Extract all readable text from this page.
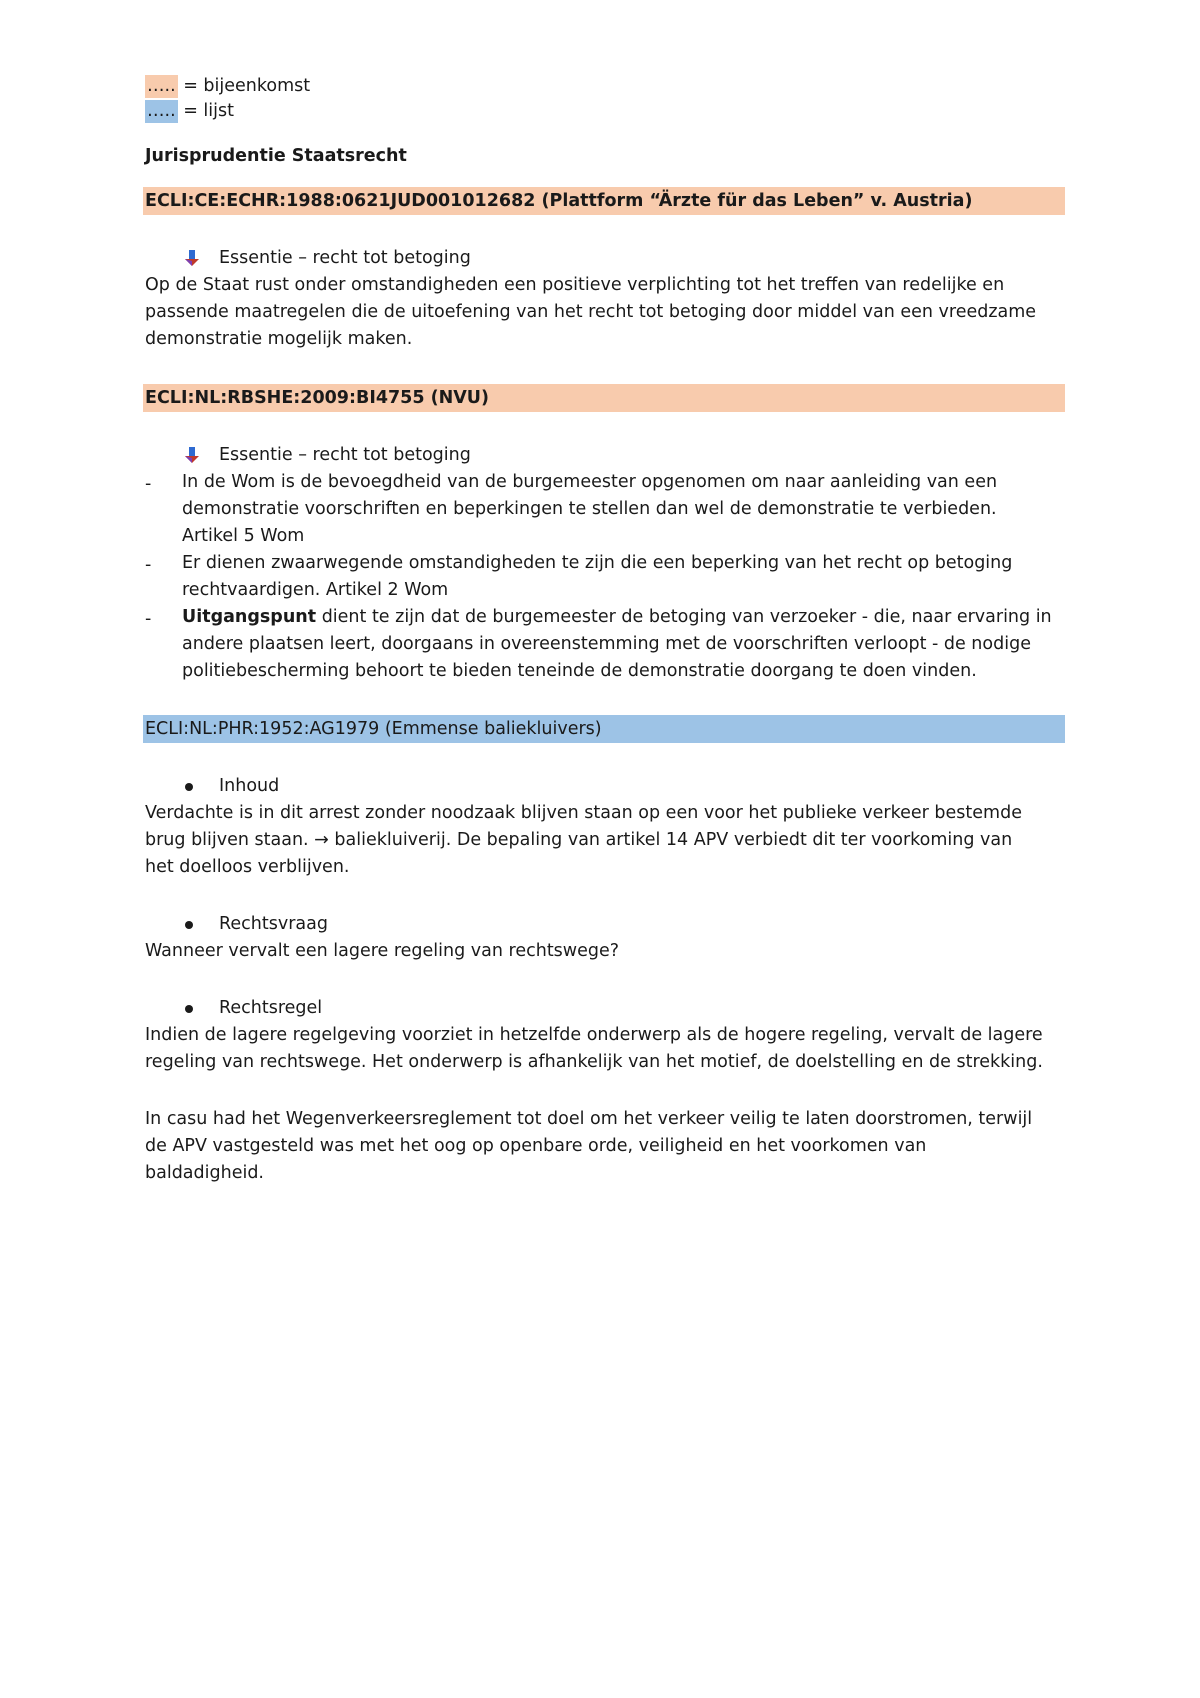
….. = bijeenkomst
….. = lijst
Jurisprudentie Staatsrecht
ECLI:CE:ECHR:1988:0621JUD001012682 (Plattform “Ärzte für das Leben” v. Austria)
Essentie – recht tot betoging
Op de Staat rust onder omstandigheden een positieve verplichting tot het treffen van redelijke en
passende maatregelen die de uitoefening van het recht tot betoging door middel van een vreedzame
demonstratie mogelijk maken.
ECLI:NL:RBSHE:2009:BI4755 (NVU)
Essentie – recht tot betoging
- In de Wom is de bevoegdheid van de burgemeester opgenomen om naar aanleiding van een
demonstratie voorschriften en beperkingen te stellen dan wel de demonstratie te verbieden.
Artikel 5 Wom
- Er dienen zwaarwegende omstandigheden te zijn die een beperking van het recht op betoging
rechtvaardigen. Artikel 2 Wom
- Uitgangspunt dient te zijn dat de burgemeester de betoging van verzoeker - die, naar ervaring in
andere plaatsen leert, doorgaans in overeenstemming met de voorschriften verloopt - de nodige
politiebescherming behoort te bieden teneinde de demonstratie doorgang te doen vinden.
ECLI:NL:PHR:1952:AG1979 (Emmense baliekluivers)
Inhoud
Verdachte is in dit arrest zonder noodzaak blijven staan op een voor het publieke verkeer bestemde
brug blijven staan. → baliekluiverij. De bepaling van artikel 14 APV verbiedt dit ter voorkoming van
het doelloos verblijven.
Rechtsvraag
Wanneer vervalt een lagere regeling van rechtswege?
Rechtsregel
Indien de lagere regelgeving voorziet in hetzelfde onderwerp als de hogere regeling, vervalt de lagere
regeling van rechtswege. Het onderwerp is afhankelijk van het motief, de doelstelling en de strekking.
In casu had het Wegenverkeersreglement tot doel om het verkeer veilig te laten doorstromen, terwijl
de APV vastgesteld was met het oog op openbare orde, veiligheid en het voorkomen van
baldadigheid.
